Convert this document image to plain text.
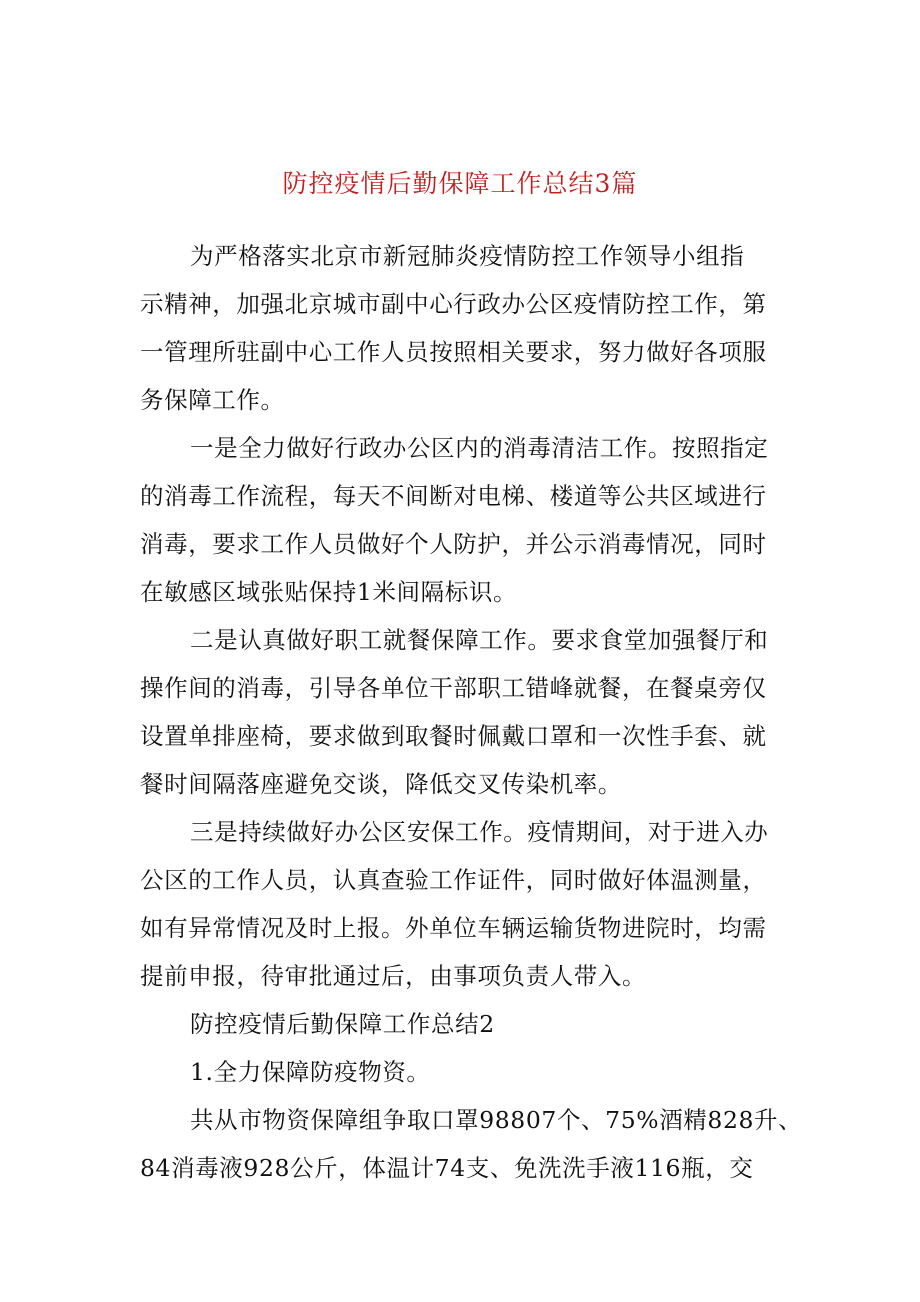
防控疫情后勤保障工作总结3篇
为严格落实北京市新冠肺炎疫情防控工作领导小组指
示精神，加强北京城市副中心行政办公区疫情防控工作，第
一管理所驻副中心工作人员按照相关要求，努力做好各项服
务保障工作。
一是全力做好行政办公区内的消毒清洁工作。按照指定
的消毒工作流程，每天不间断对电梯、楼道等公共区域进行
消毒，要求工作人员做好个人防护，并公示消毒情况，同时
在敏感区域张贴保持1米间隔标识。
二是认真做好职工就餐保障工作。要求食堂加强餐厅和
操作间的消毒，引导各单位干部职工错峰就餐，在餐桌旁仅
设置单排座椅，要求做到取餐时佩戴口罩和一次性手套、就
餐时间隔落座避免交谈，降低交叉传染机率。
三是持续做好办公区安保工作。疫情期间，对于进入办
公区的工作人员，认真查验工作证件，同时做好体温测量，
如有异常情况及时上报。外单位车辆运输货物进院时，均需
提前申报，待审批通过后，由事项负责人带入。
防控疫情后勤保障工作总结2
1.全力保障防疫物资。
共从市物资保障组争取口罩98807个、75%酒精828升、
84消毒液928公斤，体温计74支、免洗洗手液116瓶，交
